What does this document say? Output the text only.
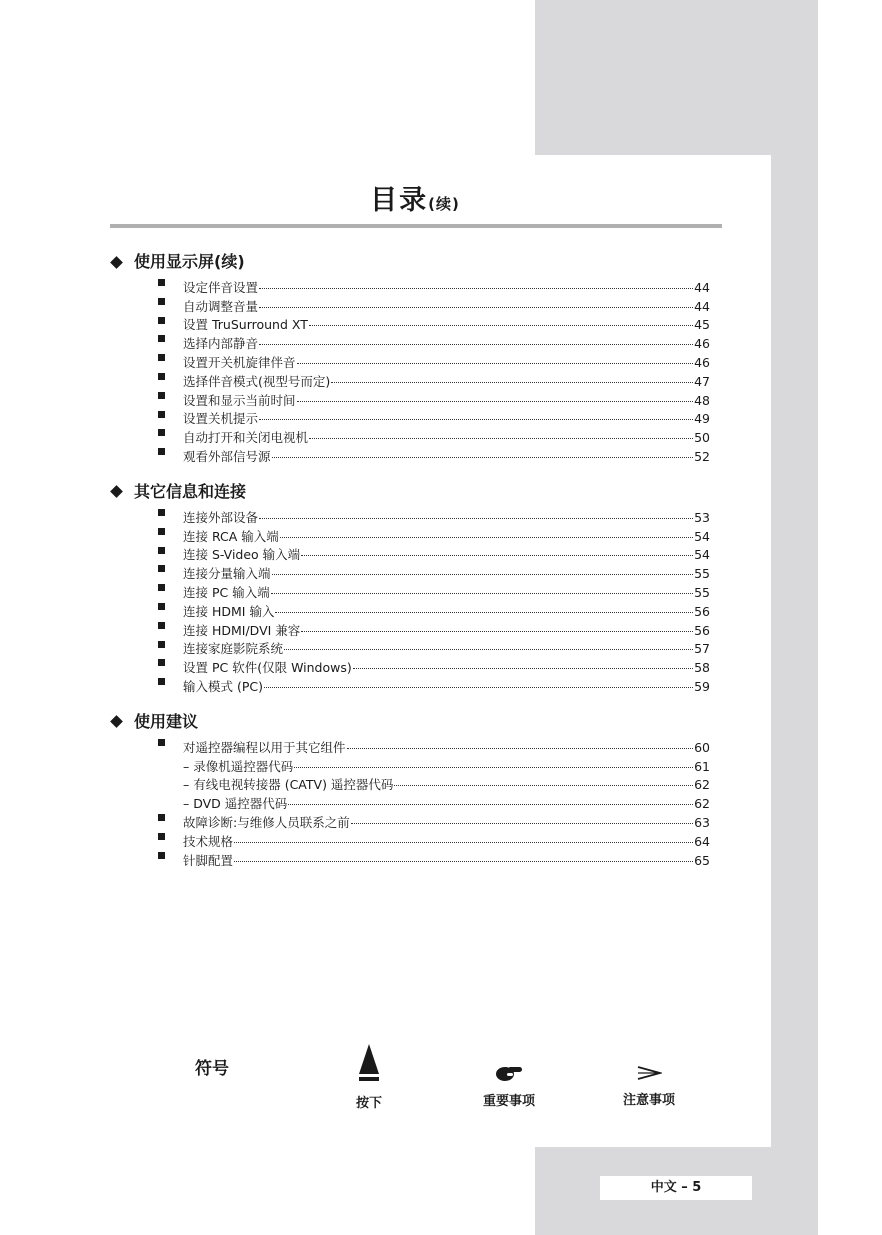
目录(续)
使用显示屏(续)
设定伴音设置	44
自动调整音量	44
设置 TruSurround XT	45
选择内部静音	46
设置开关机旋律伴音	46
选择伴音模式(视型号而定)	47
设置和显示当前时间	48
设置关机提示	49
自动打开和关闭电视机	50
观看外部信号源	52
其它信息和连接
连接外部设备	53
连接 RCA 输入端	54
连接 S-Video 输入端	54
连接分量输入端	55
连接 PC 输入端	55
连接 HDMI 输入	56
连接 HDMI/DVI 兼容	56
连接家庭影院系统	57
设置 PC 软件(仅限 Windows)	58
输入模式 (PC)	59
使用建议
对遥控器编程以用于其它组件	60
– 录像机遥控器代码	61
– 有线电视转接器 (CATV) 遥控器代码	62
– DVD 遥控器代码	62
故障诊断:与维修人员联系之前	63
技术规格	64
针脚配置	65
符号
按下	重要事项	注意事项
中文 – 5
